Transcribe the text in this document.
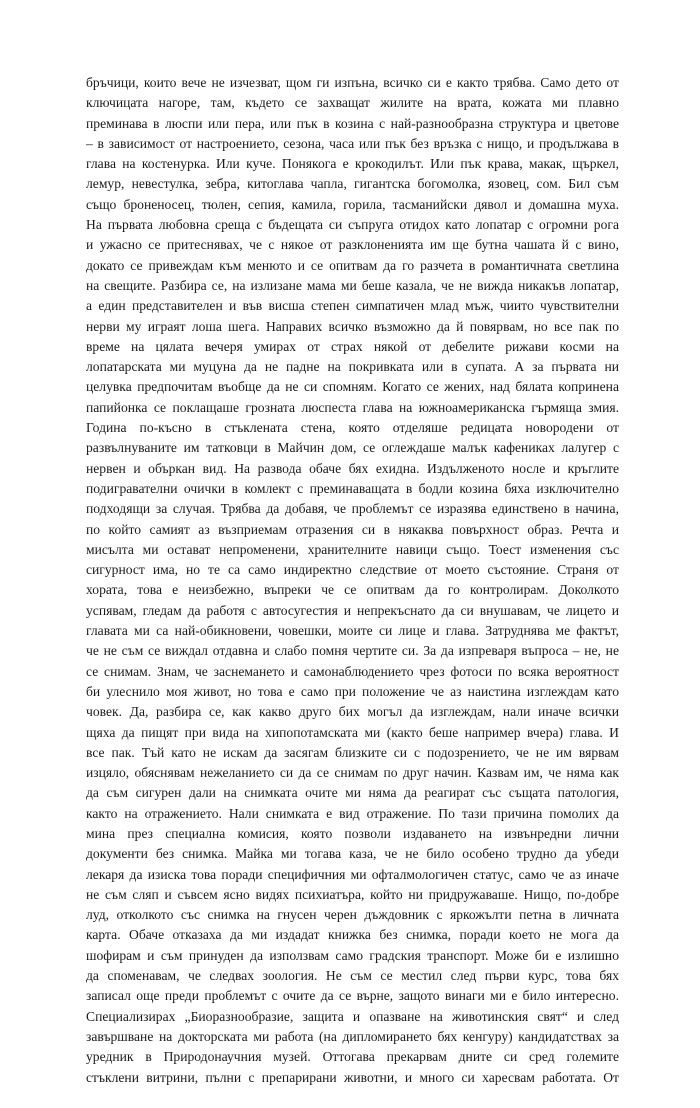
бръчици, които вече не изчезват, щом ги изпъна, всичко си е както трябва. Само дето от
ключицата нагоре, там, където се захващат жилите на врата, кожата ми плавно
преминава в люспи или пера, или пък в козина с най-разнообразна структура и цветове
– в зависимост от настроението, сезона, часа или пък без връзка с нищо, и продължава в
глава на костенурка. Или куче. Понякога е крокодилът. Или пък крава, макак, щъркел,
лемур, невестулка, зебра, китоглава чапла, гигантска богомолка, язовец, сом. Бил съм
също броненосец, тюлен, сепия, камила, горила, тасманийски дявол и домашна муха.
На първата любовна среща с бъдещата си съпруга отидох като лопатар с огромни рога
и ужасно се притеснявах, че с някое от разклоненията им ще бутна чашата й с вино,
докато се привеждам към менюто и се опитвам да го разчета в романтичната светлина
на свещите. Разбира се, на излизане мама ми беше казала, че не виждa никакъв лопатар,
а един представителен и във висша степен симпатичен млад мъж, чиито чувствителни
нерви му играят лоша шега. Направих всичко възможно да й повярвам, но все пак по
време на цялата вечеря умирах от страх някой от дебелите рижави косми на
лопатарската ми муцуна да не падне на покривката или в супата. А за първата ни
целувка предпочитам въобще да не си спомням. Когато се жених, над бялата копринена
папийонка се поклащаше грозната люспеста глава на южноамериканска гърмяща змия.
Година по-късно в стъклената стена, която отделяше редицата новородени от
развълнуваните им татковци в Майчин дом, се оглеждаше малък кафениках лалугер с
нервен и объркан вид. На развода обаче бях ехидна. Издълженото носле и кръглите
подигравателни очички в комлект с преминаващата в бодли козина бяха изключително
подходящи за случая. Трябва да добавя, че проблемът се изразява единствено в начина,
по който самият аз възприемам отразения си в някаква повърхност образ. Речта и
мисълта ми остават непроменени, хранителните навици също. Тоест изменения със
сигурност има, но те са само индиректно следствие от моето състояние. Страня от
хората, това е неизбежно, въпреки че се опитвам да го контролирам. Доколкото
успявам, гледам да работя с автосугестия и непрекъснато да си внушавам, че лицето и
главата ми са най-обикновени, човешки, моите си лице и глава. Затруднява ме фактът,
че не съм се виждал отдавна и слабо помня чертите си. За да изпреваря въпроса – не, не
се снимам. Знам, че заснемането и самонаблюдението чрез фотоси по всяка вероятност
би улеснило моя живот, но това е само при положение че аз наистина изглеждам като
човек. Да, разбира се, как какво друго бих могъл да изглеждам, нали иначе всички
щяха да пищят при вида на хипопотамската ми (както беше например вчера) глава. И
все пак. Тъй като не искам да засягам близките си с подозрението, че не им вярвам
изцяло, обяснявам нежеланието си да се снимам по друг начин. Казвам им, че няма как
да съм сигурен дали на снимката очите ми няма да реагират със същата патология,
както на отражението. Нали снимката е вид отражение. По тази причина помолих да
мина през специална комисия, която позволи издаването на извънредни лични
документи без снимка. Майка ми тогава каза, че не било особено трудно да убеди
лекаря да изиска това поради специфичния ми офталмологичен статус, само че аз иначе
не съм сляп и съвсем ясно видях психиатъра, който ни придружаваше. Нищо, по-добре
луд, отколкото със снимка на гнусен черен дъждовник с яркожълти петна в личната
карта. Обаче отказаха да ми издадат книжка без снимка, поради което не мога да
шофирам и съм принуден да използвам само градския транспорт. Може би е излишно
да споменавам, че следвах зоология. Не съм се местил след първи курс, това бях
записал още преди проблемът с очите да се върне, защото винаги ми е било интересно.
Специализирах „Биоразнообразие, защита и опазване на животинския свят“ и след
завършване на докторската ми работа (на дипломирането бях кенгуру) кандидатствах за
уредник в Природонаучния музей. Оттогава прекарвам дните си сред големите
стъклени витрини, пълни с препарирани животни, и много си харесвам работата. От
